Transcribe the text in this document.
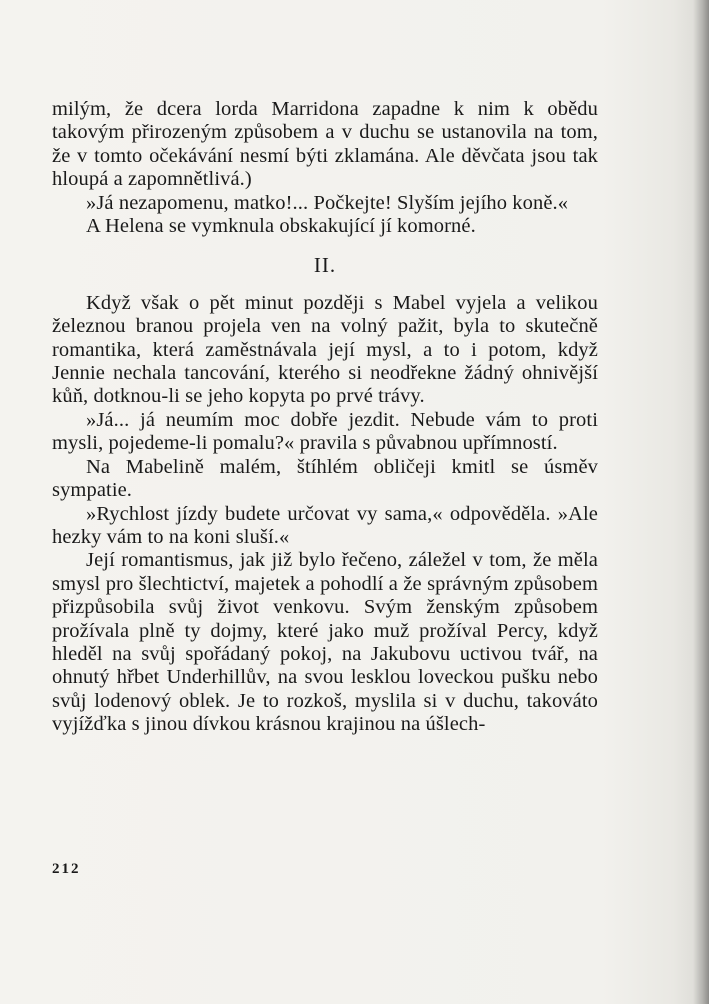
milým, že dcera lorda Marridona zapadne k nim k obědu takovým přirozeným způsobem a v duchu se ustanovila na tom, že v tomto očekávání nesmí býti zklamána. Ale děvčata jsou tak hloupá a zapomnětlivá.)

»Já nezapomenu, matko!... Počkejte! Slyším jejího koně.«

A Helena se vymknula obskakující jí komorné.

II.

Když však o pět minut později s Mabel vyjela a velikou železnou branou projela ven na volný pažit, byla to skutečně romantika, která zaměstnávala její mysl, a to i potom, když Jennie nechala tancování, kterého si neodřekne žádný ohnivější kůň, dotknou-li se jeho kopyta po prvé trávy.

»Já... já neumím moc dobře jezdit. Nebude vám to proti mysli, pojedeme-li pomalu?« pravila s půvabnou upřímností.

Na Mabelině malém, štíhlém obličeji kmitl se úsměv sympatie.

»Rychlost jízdy budete určovat vy sama,« odpověděla. »Ale hezky vám to na koni sluší.«

Její romantismus, jak již bylo řečeno, záležel v tom, že měla smysl pro šlechtictví, majetek a pohodlí a že správným způsobem přizpůsobila svůj život venkovu. Svým ženským způsobem prožívala plně ty dojmy, které jako muž prožíval Percy, když hleděl na svůj spořádaný pokoj, na Jakubovu uctivou tvář, na ohnutý hřbet Underhillův, na svou lesklou loveckou pušku nebo svůj lodenový oblek. Je to rozkoš, myslila si v duchu, takováto vyjížďka s jinou dívkou krásnou krajinou na úšlech-

212
